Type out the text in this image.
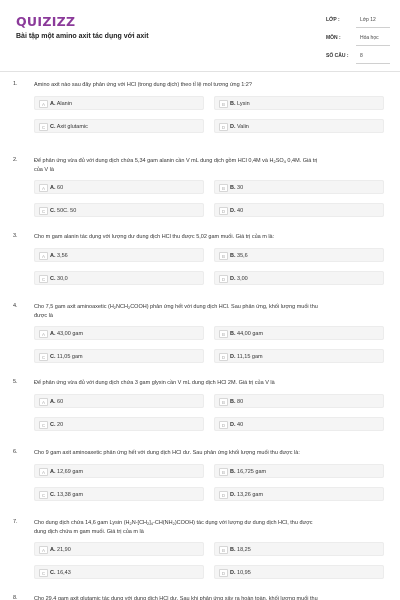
QUIZIZZ
Bài tập một amino axit tác dụng với axit
LỚP :	Lớp 12
MÔN :	Hóa học
SỐ CÂU : 8
1.	Amino axit nào sau đây phản ứng với HCl (trong dung dịch) theo tỉ lệ mol tương ứng 1:2?
A A. Alanin	B B. Lysin
C C. Axit glutamic	D D. Valin
2.	Để phản ứng vừa đủ với dung dịch chứa 5,34 gam alanin cần V mL dung dịch gồm HCl 0,4M và $H_2SO_4$ 0,4M. Giá trị
của V là
A A. 60	B B. 30
C C. 50C. 50	D D. 40
3.	Cho m gam alanin tác dụng với lượng dư dung dịch HCl thu được 5,02 gam muối. Giá trị của m là:
A A. 3,56	B B. 35,6
C C. 30,0	D D. 3,00
4.	Cho 7,5 gam axit aminoaxetic $(H_2NCH_2COOH)$ phản ứng hết với dung dịch HCl. Sau phản ứng, khối lượng muối thu
được là
A A. 43,00 gam	B B. 44,00 gam
C C. 11,05 gam	D D. 11,15 gam
5.	Để phản ứng vừa đủ với dung dịch chứa 3 gam glyxin cần V mL dung dịch HCl 2M. Giá trị của V là
A A. 60	B B. 80
C C. 20	D D. 40
6.	Cho 9 gam axit aminoaxetic phản ứng hết với dung dịch HCl dư. Sau phản ứng khối lượng muối thu được là:
A A. 12,69 gam	B B. 16,725 gam
C C. 13,38 gam	D D. 13,26 gam
7.	Cho dung dịch chứa 14,6 gam Lysin $(H_2N-[CH_2]_4-CH(NH_2)COOH)$ tác dụng với lượng dư dung dịch HCl, thu được
dung dịch chứa m gam muối. Giá trị của m là
A A. 21,90	B B. 18,25
C C. 16,43	D D. 10,95
8.	Cho 29,4 gam axit glutamic tác dụng với dung dịch HCl dư. Sau khi phản ứng xảy ra hoàn toàn, khối lượng muối thu
